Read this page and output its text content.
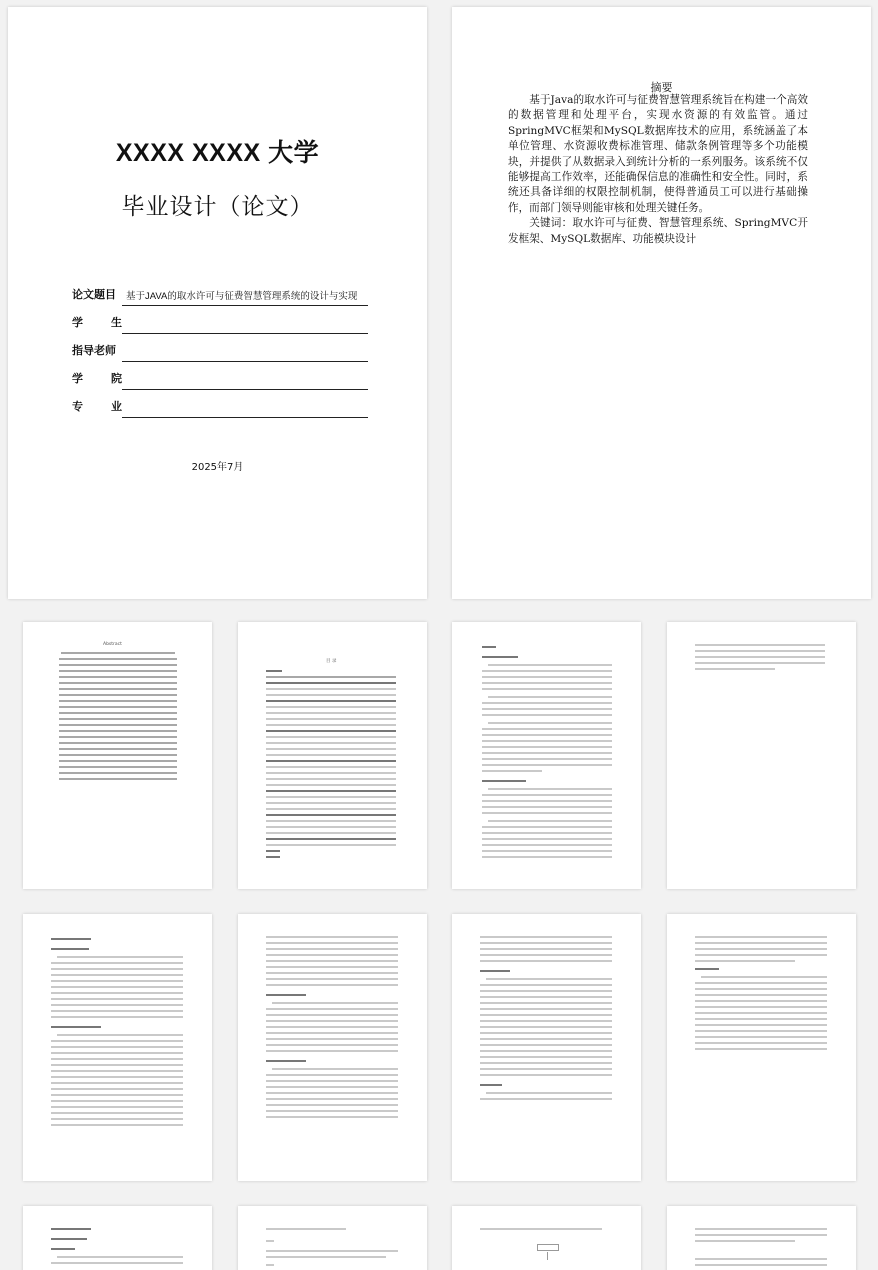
XXXX XXXX 大学
毕业设计（论文）
论文题目	基于JAVA的取水许可与征费智慧管理系统的设计与实现
学	生
指导老师
学	院
专	业
2025年7月
摘要

基于Java的取水许可与征费智慧管理系统旨在构建一个高效的数据管理和处理平台，实现水资源的有效监管。通过SpringMVC框架和MySQL数据库技术的应用，系统涵盖了本单位管理、水资源收费标准管理、储款条例管理等多个功能模块，并提供了从数据录入到统计分析的一系列服务。该系统不仅能够提高工作效率，还能确保信息的准确性和安全性。同时，系统还具备详细的权限控制机制，使得普通员工可以进行基础操作，而部门领导则能审核和处理关键任务。

关键词：取水许可与征费、智慧管理系统、SpringMVC开发框架、MySQL数据库、功能模块设计

Abstract
目 录
